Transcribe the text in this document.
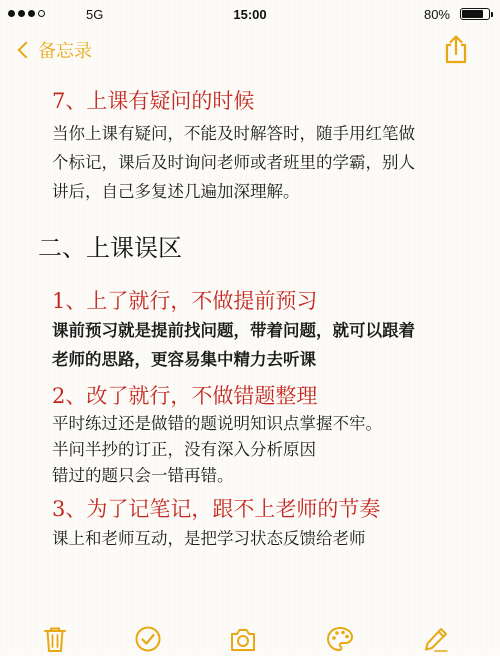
5G	15:00	80%
备忘录
7、上课有疑问的时候

当你上课有疑问，不能及时解答时，随手用红笔做

个标记，课后及时询问老师或者班里的学霸，别人

讲后，自己多复述几遍加深理解。

二、上课误区
1、上了就行，不做提前预习

课前预习就是提前找问题，带着问题，就可以跟着

老师的思路，更容易集中精力去听课

2、改了就行，不做错题整理

平时练过还是做错的题说明知识点掌握不牢。

半问半抄的订正，没有深入分析原因

错过的题只会一错再错。

3、为了记笔记，跟不上老师的节奏

课上和老师互动，是把学习状态反馈给老师
